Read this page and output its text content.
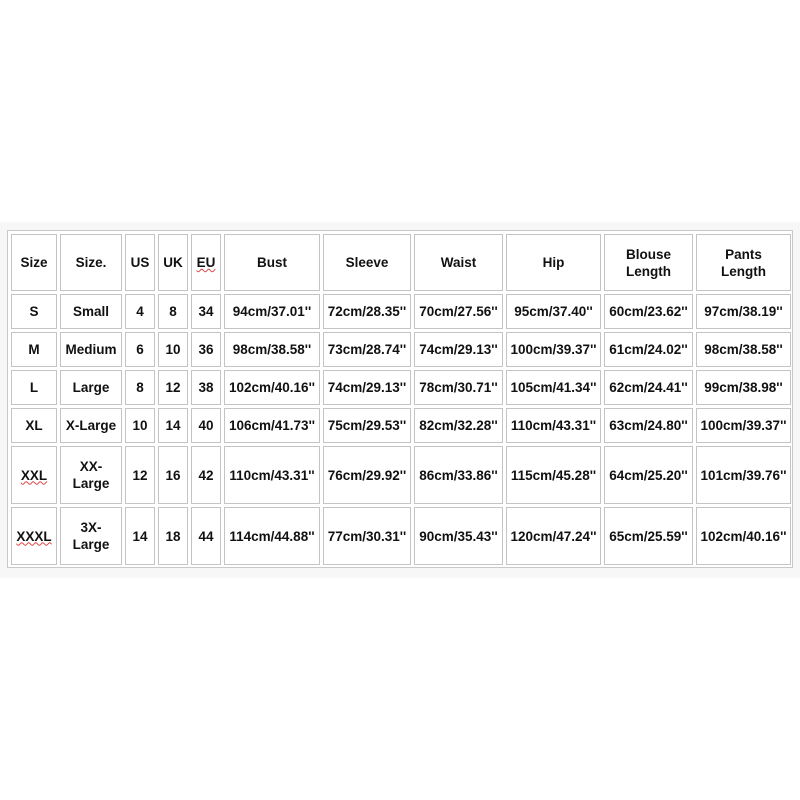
Size	Size.	US	UK	EU	Bust	Sleeve	Waist	Hip	Blouse Length	Pants Length
S	Small	4	8	34	94cm/37.01''	72cm/28.35''	70cm/27.56''	95cm/37.40''	60cm/23.62''	97cm/38.19''
M	Medium	6	10	36	98cm/38.58''	73cm/28.74''	74cm/29.13''	100cm/39.37''	61cm/24.02''	98cm/38.58''
L	Large	8	12	38	102cm/40.16''	74cm/29.13''	78cm/30.71''	105cm/41.34''	62cm/24.41''	99cm/38.98''
XL	X-Large	10	14	40	106cm/41.73''	75cm/29.53''	82cm/32.28''	110cm/43.31''	63cm/24.80''	100cm/39.37''
XXL	XX-Large	12	16	42	110cm/43.31''	76cm/29.92''	86cm/33.86''	115cm/45.28''	64cm/25.20''	101cm/39.76''
XXXL	3X-Large	14	18	44	114cm/44.88''	77cm/30.31''	90cm/35.43''	120cm/47.24''	65cm/25.59''	102cm/40.16''
